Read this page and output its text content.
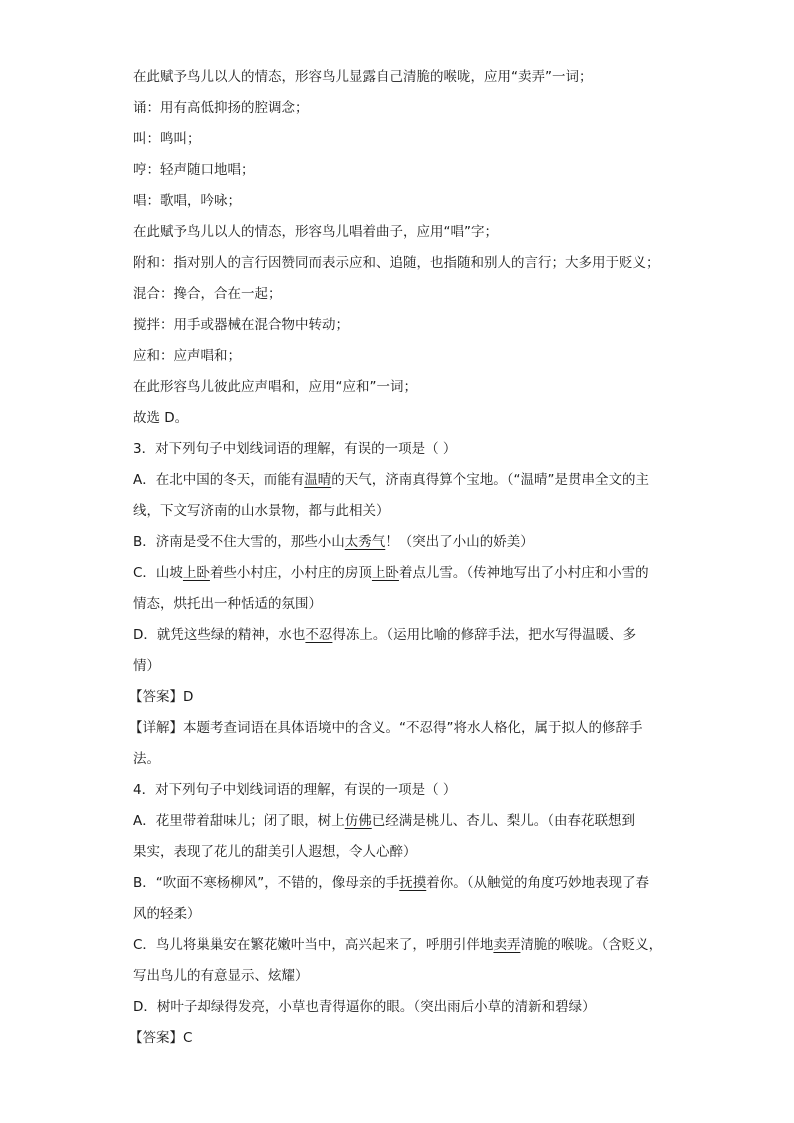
在此赋予鸟儿以人的情态，形容鸟儿显露自己清脆的喉咙，应用“卖弄”一词；
诵：用有高低抑扬的腔调念；
叫：鸣叫；
哼：轻声随口地唱；
唱：歌唱，吟咏；
在此赋予鸟儿以人的情态，形容鸟儿唱着曲子，应用“唱”字；
附和：指对别人的言行因赞同而表示应和、追随，也指随和别人的言行；大多用于贬义；
混合：搀合，合在一起；
搅拌：用手或器械在混合物中转动；
应和：应声唱和；
在此形容鸟儿彼此应声唱和，应用“应和”一词；
故选 D。
3．对下列句子中划线词语的理解，有误的一项是（ ）
A．在北中国的冬天，而能有温晴的天气，济南真得算个宝地。（“温晴”是贯串全文的主
线，下文写济南的山水景物，都与此相关）
B．济南是受不住大雪的，那些小山太秀气！（突出了小山的娇美）
C．山坡上卧着些小村庄，小村庄的房顶上卧着点儿雪。（传神地写出了小村庄和小雪的
情态，烘托出一种恬适的氛围）
D．就凭这些绿的精神，水也不忍得冻上。（运用比喻的修辞手法，把水写得温暖、多
情）
【答案】D
【详解】本题考查词语在具体语境中的含义。“不忍得”将水人格化，属于拟人的修辞手
法。
4．对下列句子中划线词语的理解，有误的一项是（ ）
A．花里带着甜味儿；闭了眼，树上仿佛已经满是桃儿、杏儿、梨儿。（由春花联想到
果实，表现了花儿的甜美引人遐想，令人心醉）
B．“吹面不寒杨柳风”，不错的，像母亲的手抚摸着你。（从触觉的角度巧妙地表现了春
风的轻柔）
C．鸟儿将巢巢安在繁花嫩叶当中，高兴起来了，呼朋引伴地卖弄清脆的喉咙。（含贬义，
写出鸟儿的有意显示、炫耀）
D．树叶子却绿得发亮，小草也青得逼你的眼。（突出雨后小草的清新和碧绿）
【答案】C
